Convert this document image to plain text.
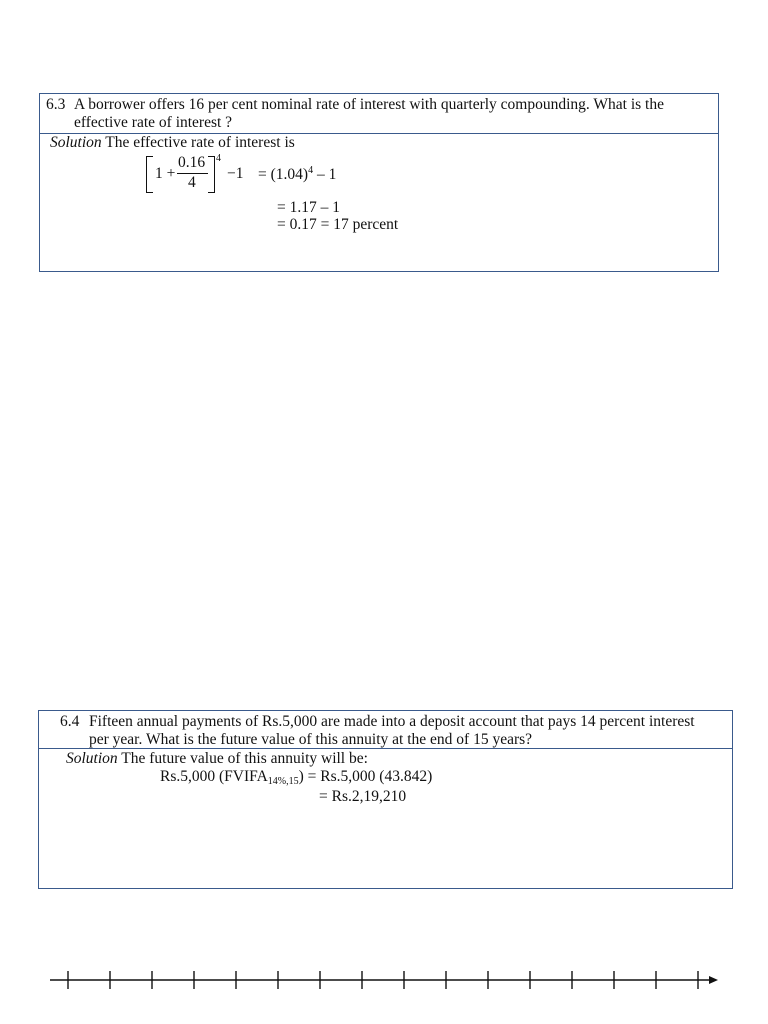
6.3 A borrower offers 16 per cent nominal rate of interest with quarterly compounding. What is the
effective rate of interest ?
Solution The effective rate of interest is
1 +
0.16
4
4
$-1 = (1.04)^4 - 1$
= 1.17 – 1
= 0.17 = 17 percent
6.4 Fifteen annual payments of Rs.5,000 are made into a deposit account that pays 14 percent interest
per year. What is the future value of this annuity at the end of 15 years?
Solution The future value of this annuity will be:
Rs.5,000 $(FVIFA_{14\%,15}) = Rs.5,000$ (43.842)
= Rs.2,19,210
